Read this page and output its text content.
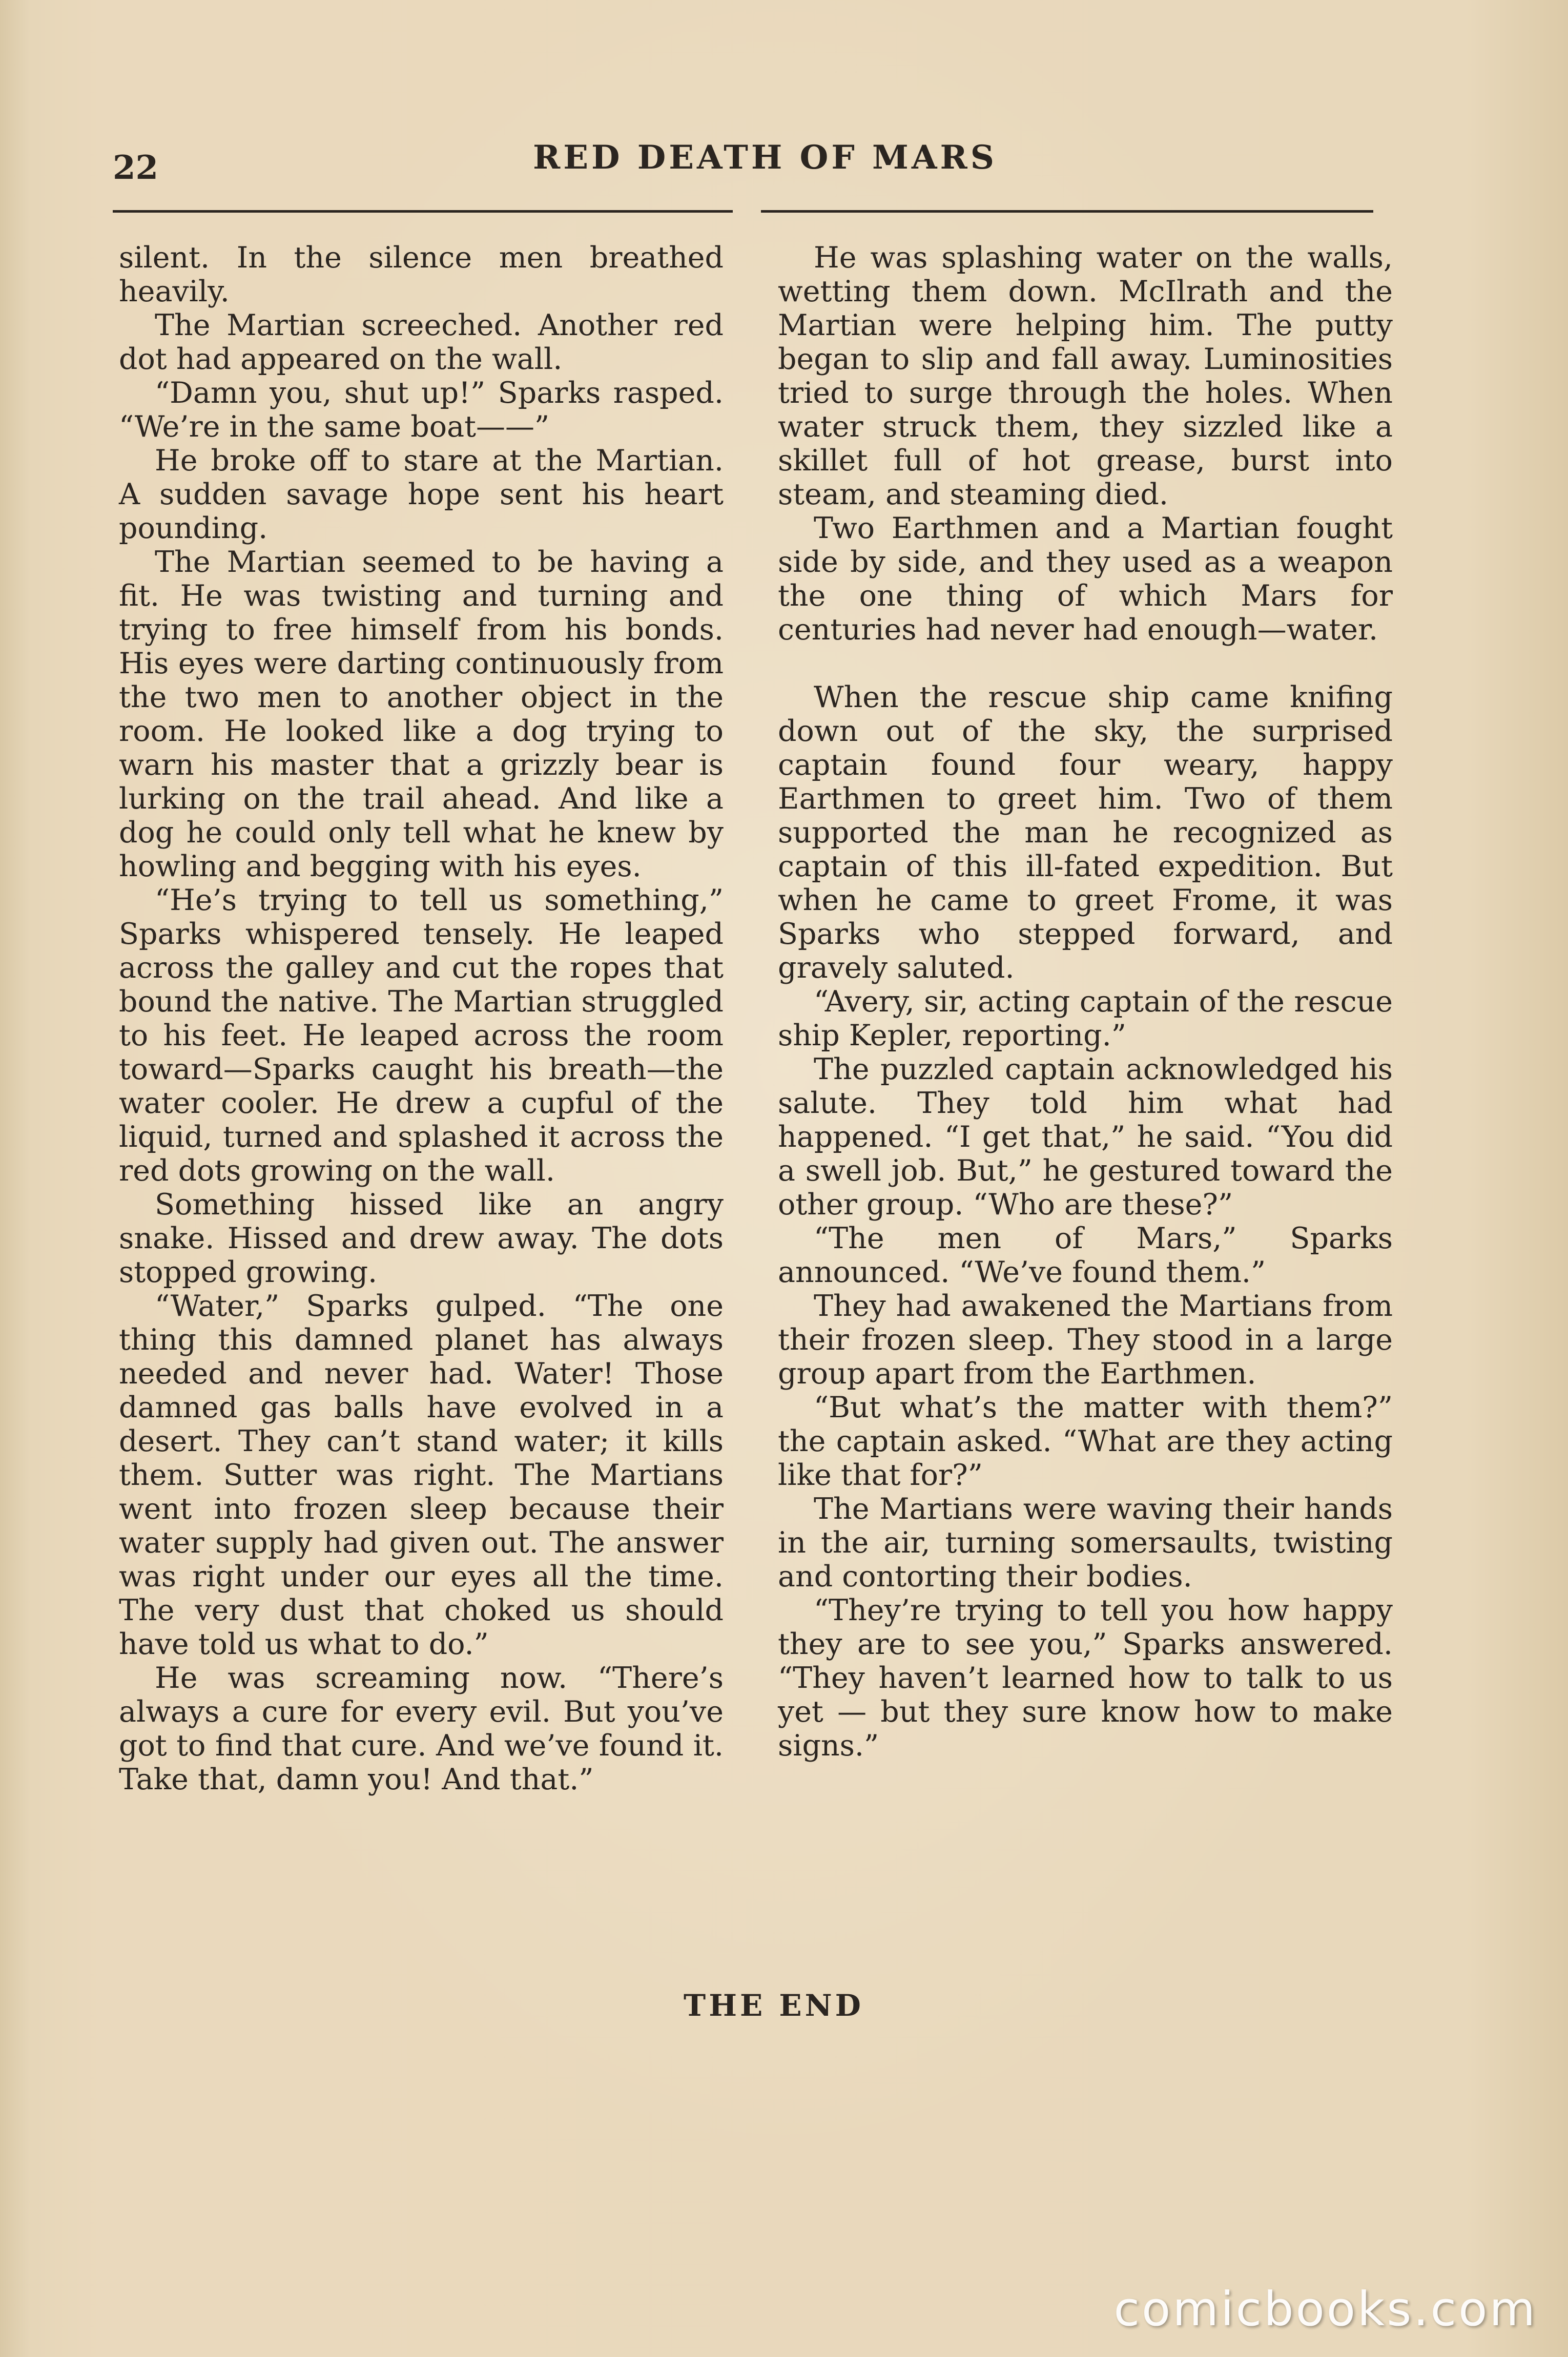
22	RED DEATH OF MARS

silent. In the silence men breathed heavily.

The Martian screeched. Another red dot had appeared on the wall.

“Damn you, shut up!” Sparks rasped. “We’re in the same boat——”

He broke off to stare at the Martian. A sudden savage hope sent his heart pounding.

The Martian seemed to be having a fit. He was twisting and turning and trying to free himself from his bonds. His eyes were darting continuously from the two men to another object in the room. He looked like a dog trying to warn his master that a grizzly bear is lurking on the trail ahead. And like a dog he could only tell what he knew by howling and begging with his eyes.

“He’s trying to tell us something,” Sparks whispered tensely. He leaped across the galley and cut the ropes that bound the native. The Martian struggled to his feet. He leaped across the room toward—Sparks caught his breath—the water cooler. He drew a cupful of the liquid, turned and splashed it across the red dots growing on the wall.

Something hissed like an angry snake. Hissed and drew away. The dots stopped growing.

“Water,” Sparks gulped. “The one thing this damned planet has always needed and never had. Water! Those damned gas balls have evolved in a desert. They can’t stand water; it kills them. Sutter was right. The Martians went into frozen sleep because their water supply had given out. The answer was right under our eyes all the time. The very dust that choked us should have told us what to do.”

He was screaming now. “There’s always a cure for every evil. But you’ve got to find that cure. And we’ve found it. Take that, damn you! And that.”

He was splashing water on the walls, wetting them down. McIlrath and the Martian were helping him. The putty began to slip and fall away. Luminosities tried to surge through the holes. When water struck them, they sizzled like a skillet full of hot grease, burst into steam, and steaming died.

Two Earthmen and a Martian fought side by side, and they used as a weapon the one thing of which Mars for centuries had never had enough—water.

When the rescue ship came knifing down out of the sky, the surprised captain found four weary, happy Earthmen to greet him. Two of them supported the man he recognized as captain of this ill-fated expedition. But when he came to greet Frome, it was Sparks who stepped forward, and gravely saluted.

“Avery, sir, acting captain of the rescue ship Kepler, reporting.”

The puzzled captain acknowledged his salute. They told him what had happened. “I get that,” he said. “You did a swell job. But,” he gestured toward the other group. “Who are these?”

“The men of Mars,” Sparks announced. “We’ve found them.”

They had awakened the Martians from their frozen sleep. They stood in a large group apart from the Earthmen.

“But what’s the matter with them?” the captain asked. “What are they acting like that for?”

The Martians were waving their hands in the air, turning somersaults, twisting and contorting their bodies.

“They’re trying to tell you how happy they are to see you,” Sparks answered. “They haven’t learned how to talk to us yet — but they sure know how to make signs.”

THE END
comicbooks.com
